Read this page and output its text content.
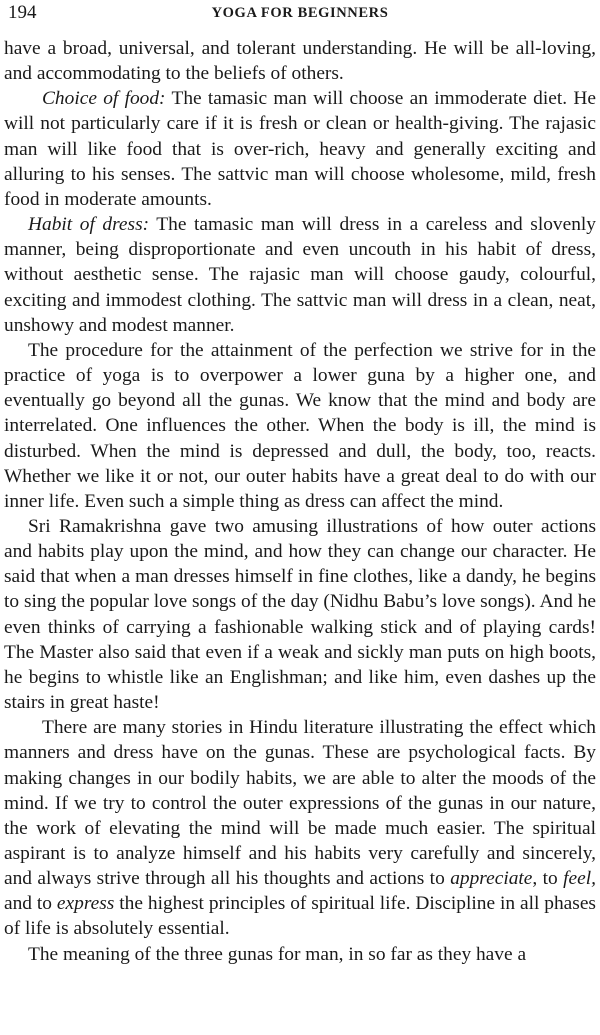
194	YOGA FOR BEGINNERS

have a broad, universal, and tolerant understanding. He will be all-loving, and accommodating to the beliefs of others.

Choice of food: The tamasic man will choose an immoderate diet. He will not particularly care if it is fresh or clean or health-giving. The rajasic man will like food that is over-rich, heavy and generally exciting and alluring to his senses. The sattvic man will choose wholesome, mild, fresh food in moderate amounts.

Habit of dress: The tamasic man will dress in a careless and slovenly manner, being disproportionate and even uncouth in his habit of dress, without aesthetic sense. The rajasic man will choose gaudy, colourful, exciting and immodest clothing. The sattvic man will dress in a clean, neat, unshowy and modest manner.

The procedure for the attainment of the perfection we strive for in the practice of yoga is to overpower a lower guna by a higher one, and eventually go beyond all the gunas. We know that the mind and body are interrelated. One influences the other. When the body is ill, the mind is disturbed. When the mind is depressed and dull, the body, too, reacts. Whether we like it or not, our outer habits have a great deal to do with our inner life. Even such a simple thing as dress can affect the mind.

Sri Ramakrishna gave two amusing illustrations of how outer actions and habits play upon the mind, and how they can change our character. He said that when a man dresses himself in fine clothes, like a dandy, he begins to sing the popular love songs of the day (Nidhu Babu’s love songs). And he even thinks of carrying a fashionable walking stick and of playing cards! The Master also said that even if a weak and sickly man puts on high boots, he begins to whistle like an Englishman; and like him, even dashes up the stairs in great haste!

There are many stories in Hindu literature illustrating the effect which manners and dress have on the gunas. These are psychological facts. By making changes in our bodily habits, we are able to alter the moods of the mind. If we try to control the outer expressions of the gunas in our nature, the work of elevating the mind will be made much easier. The spiritual aspirant is to analyze himself and his habits very carefully and sincerely, and always strive through all his thoughts and actions to appreciate, to feel, and to express the highest principles of spiritual life. Discipline in all phases of life is absolutely essential.

The meaning of the three gunas for man, in so far as they have a
